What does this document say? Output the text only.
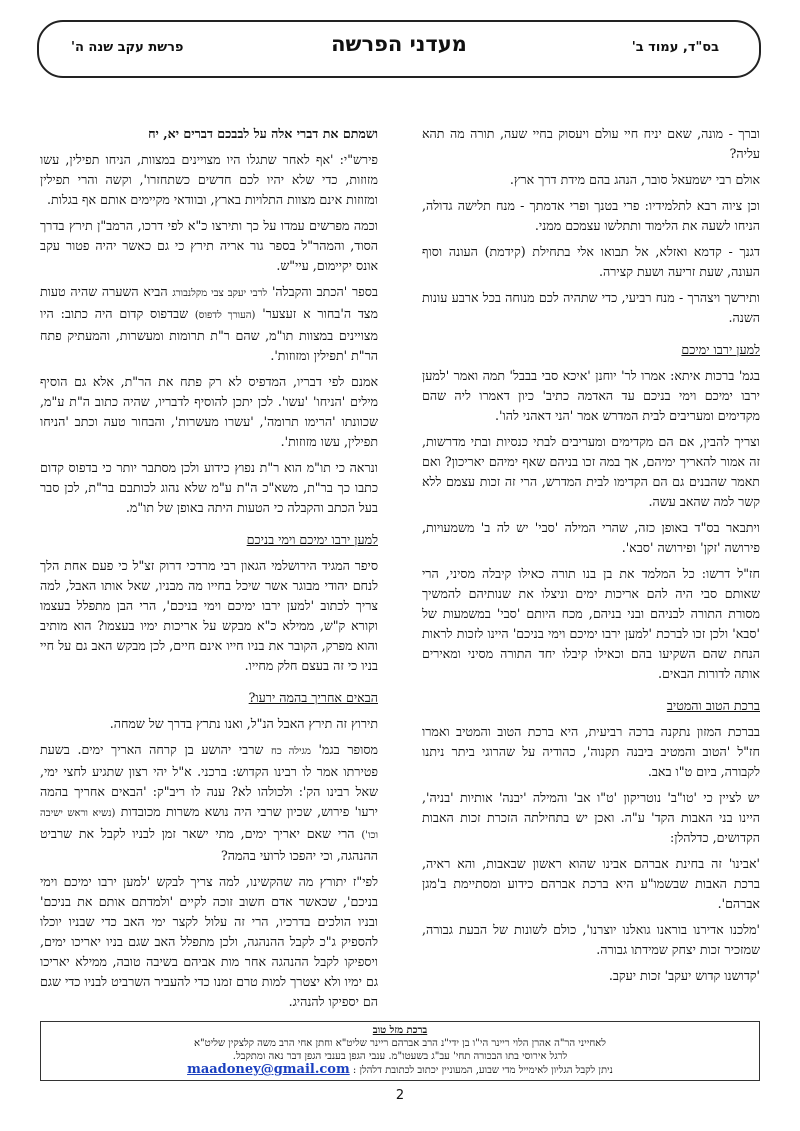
בס"ד, עמוד ב'
מעדני הפרשה
פרשת עקב שנה ה'

וברך - מונה, שאם יניח חיי עולם ויעסוק בחיי שעה, תורה מה תהא עליה?

אולם רבי ישמעאל סובר, הנהג בהם מידת דרך ארץ.

וכן ציוה רבא לתלמידיו: פרי בטנך ופרי אדמתך - מנח תלישה גדולה, הניחו לשעה את הלימוד ותתלשו עצמכם ממני.

דגנך - קדמא ואזלא, אל תבואו אלי בתחילת (קידמת) העונה וסוף העונה, שעת זריעה ושעת קצירה.

ותירשך ויצהרך - מנח רביעי, כדי שתהיה לכם מנוחה בכל ארבע עונות השנה.

למען ירבו ימיכם

בגמ' ברכות איתא: אמרו לר' יוחנן 'איכא סבי בבבל' תמה ואמר 'למען ירבו ימיכם וימי בניכם עד האדמה כתיב' כיון דאמרו ליה שהם מקדימים ומעריבים לבית המדרש אמר 'הני דאהני להו'.

וצריך להבין, אם הם מקדימים ומעריבים לבתי כנסיות ובתי מדרשות, זה אמור להאריך ימיהם, אך במה זכו בניהם שאף ימיהם יאריכון? ואם תאמר שהבנים גם הם הקדימו לבית המדרש, הרי זה זכות עצמם ללא קשר למה שהאב עשה.

ויתבאר בס"ד באופן כזה, שהרי המילה 'סבי' יש לה ב' משמעויות, פירושה 'זקן' ופירושה 'סבא'.

חז"ל דרשו: כל המלמד את בן בנו תורה כאילו קיבלה מסיני, הרי שאותם סבי היה להם אריכות ימים וניצלו את שנותיהם להמשיך מסורת התורה לבניהם ובני בניהם, מכח היותם 'סבי' במשמעות של 'סבא' ולכן זכו לברכת 'למען ירבו ימיכם וימי בניכם' היינו לזכות לראות הנחת שהם השקיעו בהם וכאילו קיבלו יחד התורה מסיני ומאירים אותה לדורות הבאים.

ברכת הטוב והמטיב

בברכת המזון נתקנה ברכה רביעית, היא ברכת הטוב והמטיב ואמרו חז"ל 'הטוב והמטיב ביבנה תקנוה', כהודיה על שהרוגי ביתר ניתנו לקבורה, ביום ט"ו באב.

יש לציין כי 'טו"ב' נוטריקון 'ט"ו אב' והמילה 'יבנה' אותיות 'בניה', היינו בני האבות הקד' ע"ה. ואכן יש בתחילתה הזכרת זכות האבות הקדושים, כדלהלן:

'אבינו' זה בחינת אברהם אבינו שהוא ראשון שבאבות, והא ראיה, ברכת האבות שבשמו"ע היא ברכת אברהם כידוע ומסתיימת ב'מגן אברהם'.

'מלכנו אדירנו בוראנו גואלנו יוצרנו', כולם לשונות של הבעת גבורה, שמזכיר זכות יצחק שמידתו גבורה.

'קדושנו קדוש יעקב' זכות יעקב.

ושמתם את דברי אלה על לבבכם דברים יא, יח

פירש"י: 'אף לאחר שתגלו היו מצויינים במצוות, הניחו תפילין, עשו מזוזות, כדי שלא יהיו לכם חדשים כשתחזרו', וקשה והרי תפילין ומזוזות אינם מצוות התלויות בארץ, ובוודאי מקיימים אותם אף בגלות.

וכמה מפרשים עמדו על כך ותירצו כ"א לפי דרכו, הרמב"ן תירץ בדרך הסוד, והמהר"ל בספר גור אריה תירץ כי גם כאשר יהיה פטור עקב אונס יקיימום, עיי"ש.

בספר 'הכתב והקבלה' לרבי יעקב צבי מקלנבורג הביא השערה שהיה טעות מצד ה'בחור א זעצער' (העורך לדפוס) שבדפוס קדום היה כתוב: היו מצויינים במצוות תו"מ, שהם ר"ת תרומות ומעשרות, והמעתיק פתח הר"ת 'תפילין ומזוזות'.

אמנם לפי דבריו, המדפיס לא רק פתח את הר"ת, אלא גם הוסיף מילים 'הניחו' 'עשו'. לכן יתכן להוסיף לדבריו, שהיה כתוב ה"ת ע"מ, שכוונתו 'הרימו תרומה', 'עשרו מעשרות', והבחור טעה וכתב 'הניחו תפילין, עשו מזוזות'.

ונראה כי תו"מ הוא ר"ת נפוץ כידוע ולכן מסתבר יותר כי בדפוס קדום כתבו כך בר"ת, משא"כ ה"ת ע"מ שלא נהוג לכותבם בר"ת, לכן סבר בעל הכתב והקבלה כי הטעות היתה באופן של תו"מ.

למען ירבו ימיכם וימי בניכם

סיפר המגיד הירושלמי הגאון רבי מרדכי דרוק זצ"ל כי פעם אחת הלך לנחם יהודי מבוגר אשר שיכל בחייו מה מבניו, שאל אותו האבל, למה צריך לכתוב 'למען ירבו ימיכם וימי בניכם', הרי הבן מתפלל בעצמו וקורא ק"ש, ממילא כ"א מבקש על אריכות ימיו בעצמו? הוא מותיב והוא מפרק, הקובר את בניו חייו אינם חיים, לכן מבקש האב גם על חיי בניו כי זה בעצם חלק מחייו.

הבאים אחריך בהמה ירעו?

תירוץ זה תירץ האבל הנ"ל, ואנו נתרץ בדרך של שמחה.

מסופר בגמ' מגילה כח שרבי יהושע בן קרחה האריך ימים. בשעת פטירתו אמר לו רבינו הקדוש: ברכני. א"ל יהי רצון שתגיע לחצי ימי, שאל רבינו הק': ולכולהו לא? ענה לו ריב"ק: 'הבאים אחריך בהמה ירעו' פירוש, שכיון שרבי היה נושא משרות מכובדות (נשיא וראש ישיבה וכו') הרי שאם יאריך ימים, מתי ישאר זמן לבניו לקבל את שרביט ההנהגה, וכי יהפכו לרועי בהמה?

לפי"ז יתורץ מה שהקשינו, למה צריך לבקש 'למען ירבו ימיכם וימי בניכם', שכאשר אדם חשוב זוכה לקיים 'ולמדתם אותם את בניכם' ובניו הולכים בדרכיו, הרי זה עלול לקצר ימי האב כדי שבניו יוכלו להספיק ג"כ לקבל ההנהגה, ולכן מתפלל האב שגם בניו יאריכו ימים, ויספיקו לקבל ההנהגה אחר מות אביהם בשיבה טובה, ממילא יאריכו גם ימיו ולא יצטרך למות טרם זמנו כדי להעביר השרביט לבניו כדי שגם הם יספיקו להנהיג.

ברכת מזל טוב
לאחייני הר"ה אהרן הלוי ריינר הי"ו בן ידי"נ הרב אברהם ריינר שליט"א וחתן אחי הרב משה קלצקין שליט"א
לרגל אירוסי בתו הבכורה תחי' עב"ג בשעטו"מ. ענבי הגפן בענבי הגפן דבר נאה ומתקבל.
ניתן לקבל הגליון לאימייל מדי שבוע, המעוניין יכתוב לכתובת דלהלן : maadoney@gmail.com
2
